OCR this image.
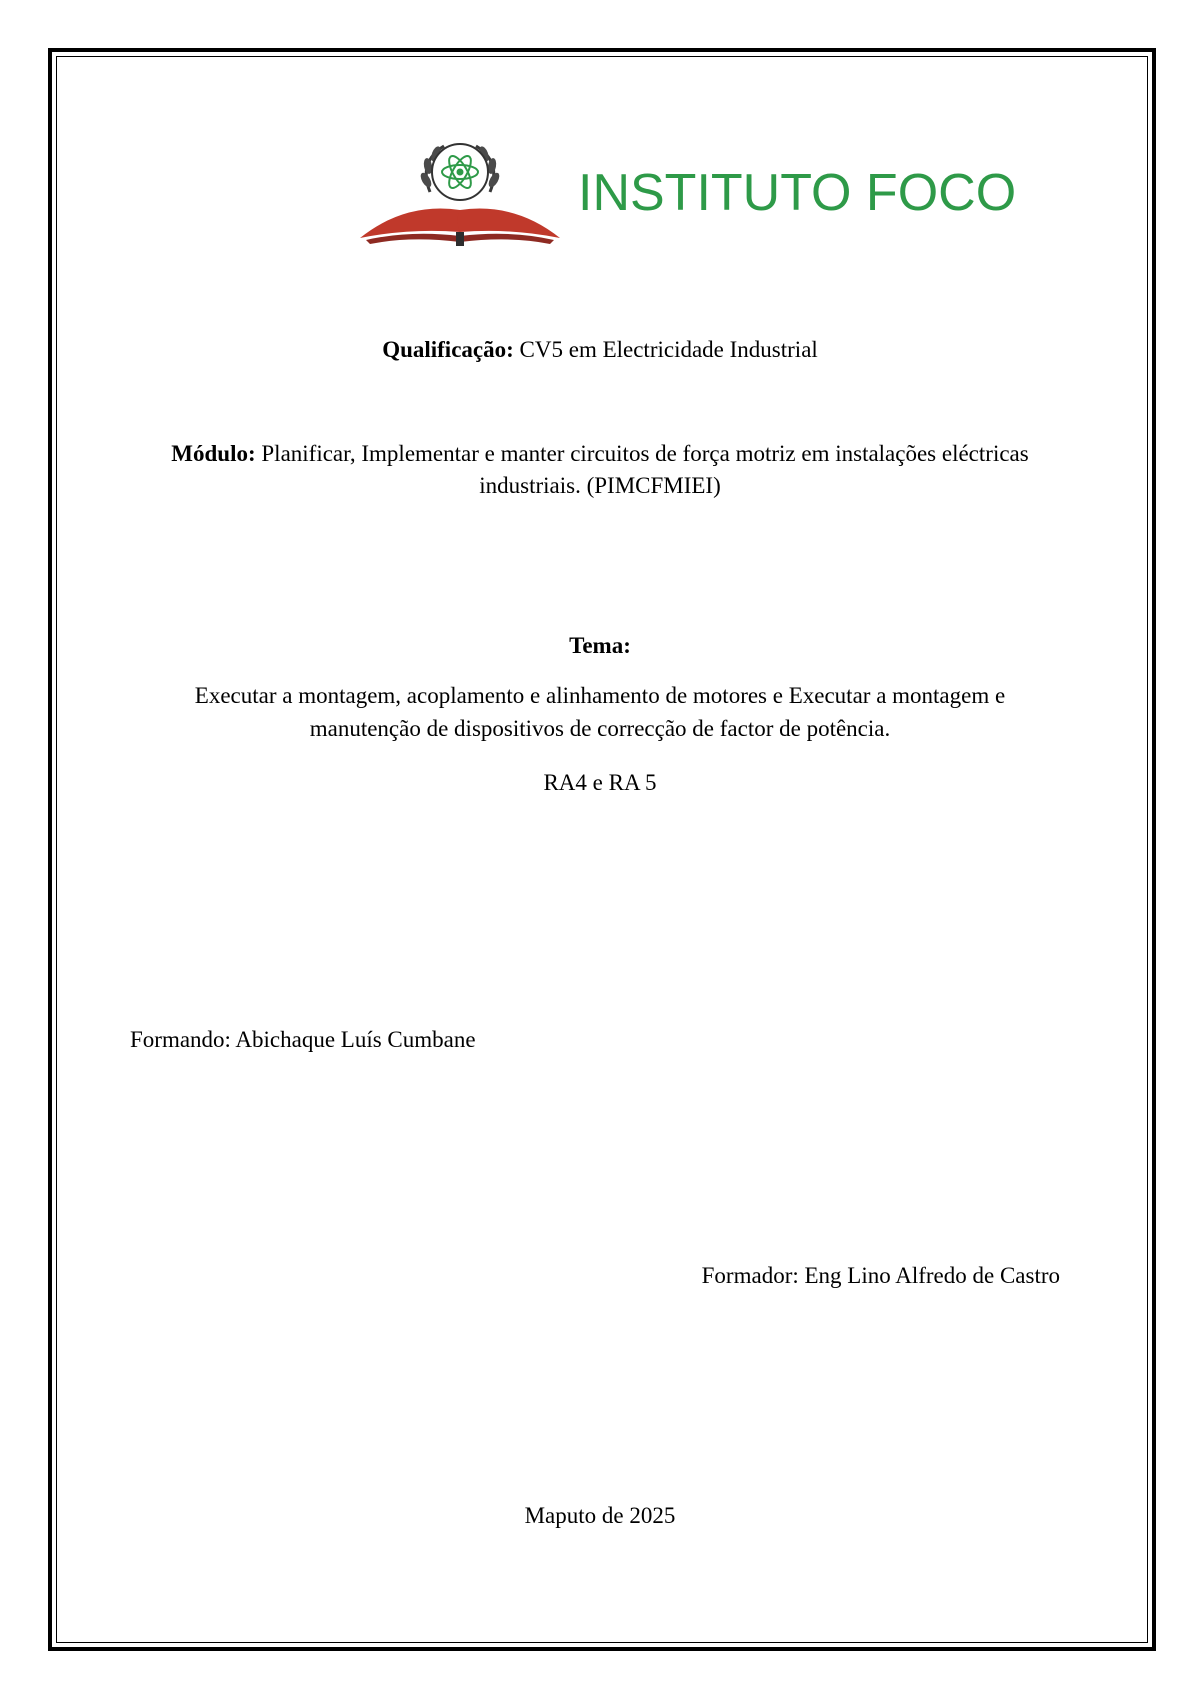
INSTITUTO FOCO

Qualificação: CV5 em Electricidade Industrial

Módulo: Planificar, Implementar e manter circuitos de força motriz em instalações eléctricas

industriais. (PIMCFMIEI)

Tema:

Executar a montagem, acoplamento e alinhamento de motores e Executar a montagem e

manutenção de dispositivos de correcção de factor de potência.

RA4 e RA 5

Formando: Abichaque Luís Cumbane

Formador: Eng Lino Alfredo de Castro

Maputo de 2025
